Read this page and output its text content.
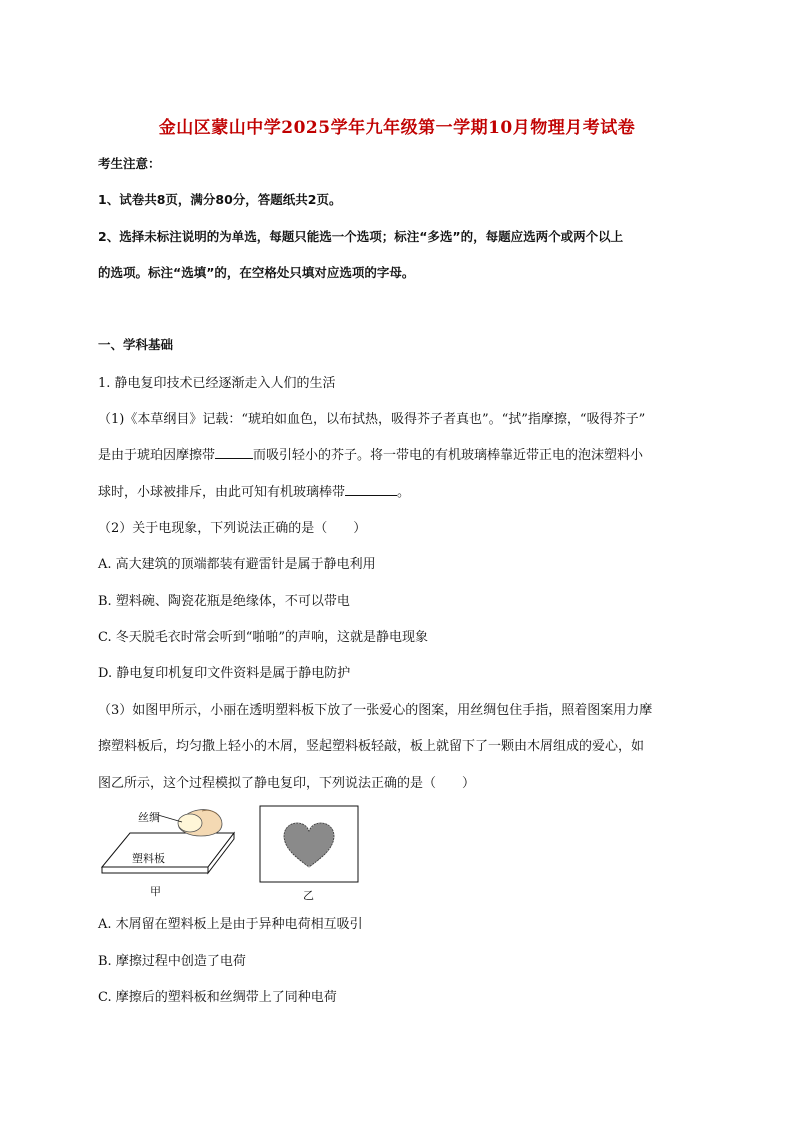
金山区蒙山中学2025学年九年级第一学期10月物理月考试卷
考生注意：
1、试卷共8页，满分80分，答题纸共2页。
2、选择未标注说明的为单选，每题只能选一个选项；标注“多选”的，每题应选两个或两个以上
的选项。标注“选填”的，在空格处只填对应选项的字母。
一、学科基础
1. 静电复印技术已经逐渐走入人们的生活
（1)《本草纲目》记载：“琥珀如血色，以布拭热，吸得芥子者真也”。“拭”指摩擦，“吸得芥子”
是由于琥珀因摩擦带	而吸引轻小的芥子。将一带电的有机玻璃棒靠近带正电的泡沫塑料小
球时，小球被排斥，由此可知有机玻璃棒带	。
（2）关于电现象，下列说法正确的是（　　）
A. 高大建筑的顶端都装有避雷针是属于静电利用
B. 塑料碗、陶瓷花瓶是绝缘体，不可以带电
C. 冬天脱毛衣时常会听到“啪啪”的声响，这就是静电现象
D. 静电复印机复印文件资料是属于静电防护
（3）如图甲所示，小丽在透明塑料板下放了一张爱心的图案，用丝绸包住手指，照着图案用力摩
擦塑料板后，均匀撒上轻小的木屑，竖起塑料板轻敲，板上就留下了一颗由木屑组成的爱心，如
图乙所示，这个过程模拟了静电复印，下列说法正确的是（　　）
丝绸
塑料板
甲	乙
A. 木屑留在塑料板上是由于异种电荷相互吸引
B. 摩擦过程中创造了电荷
C. 摩擦后的塑料板和丝绸带上了同种电荷
